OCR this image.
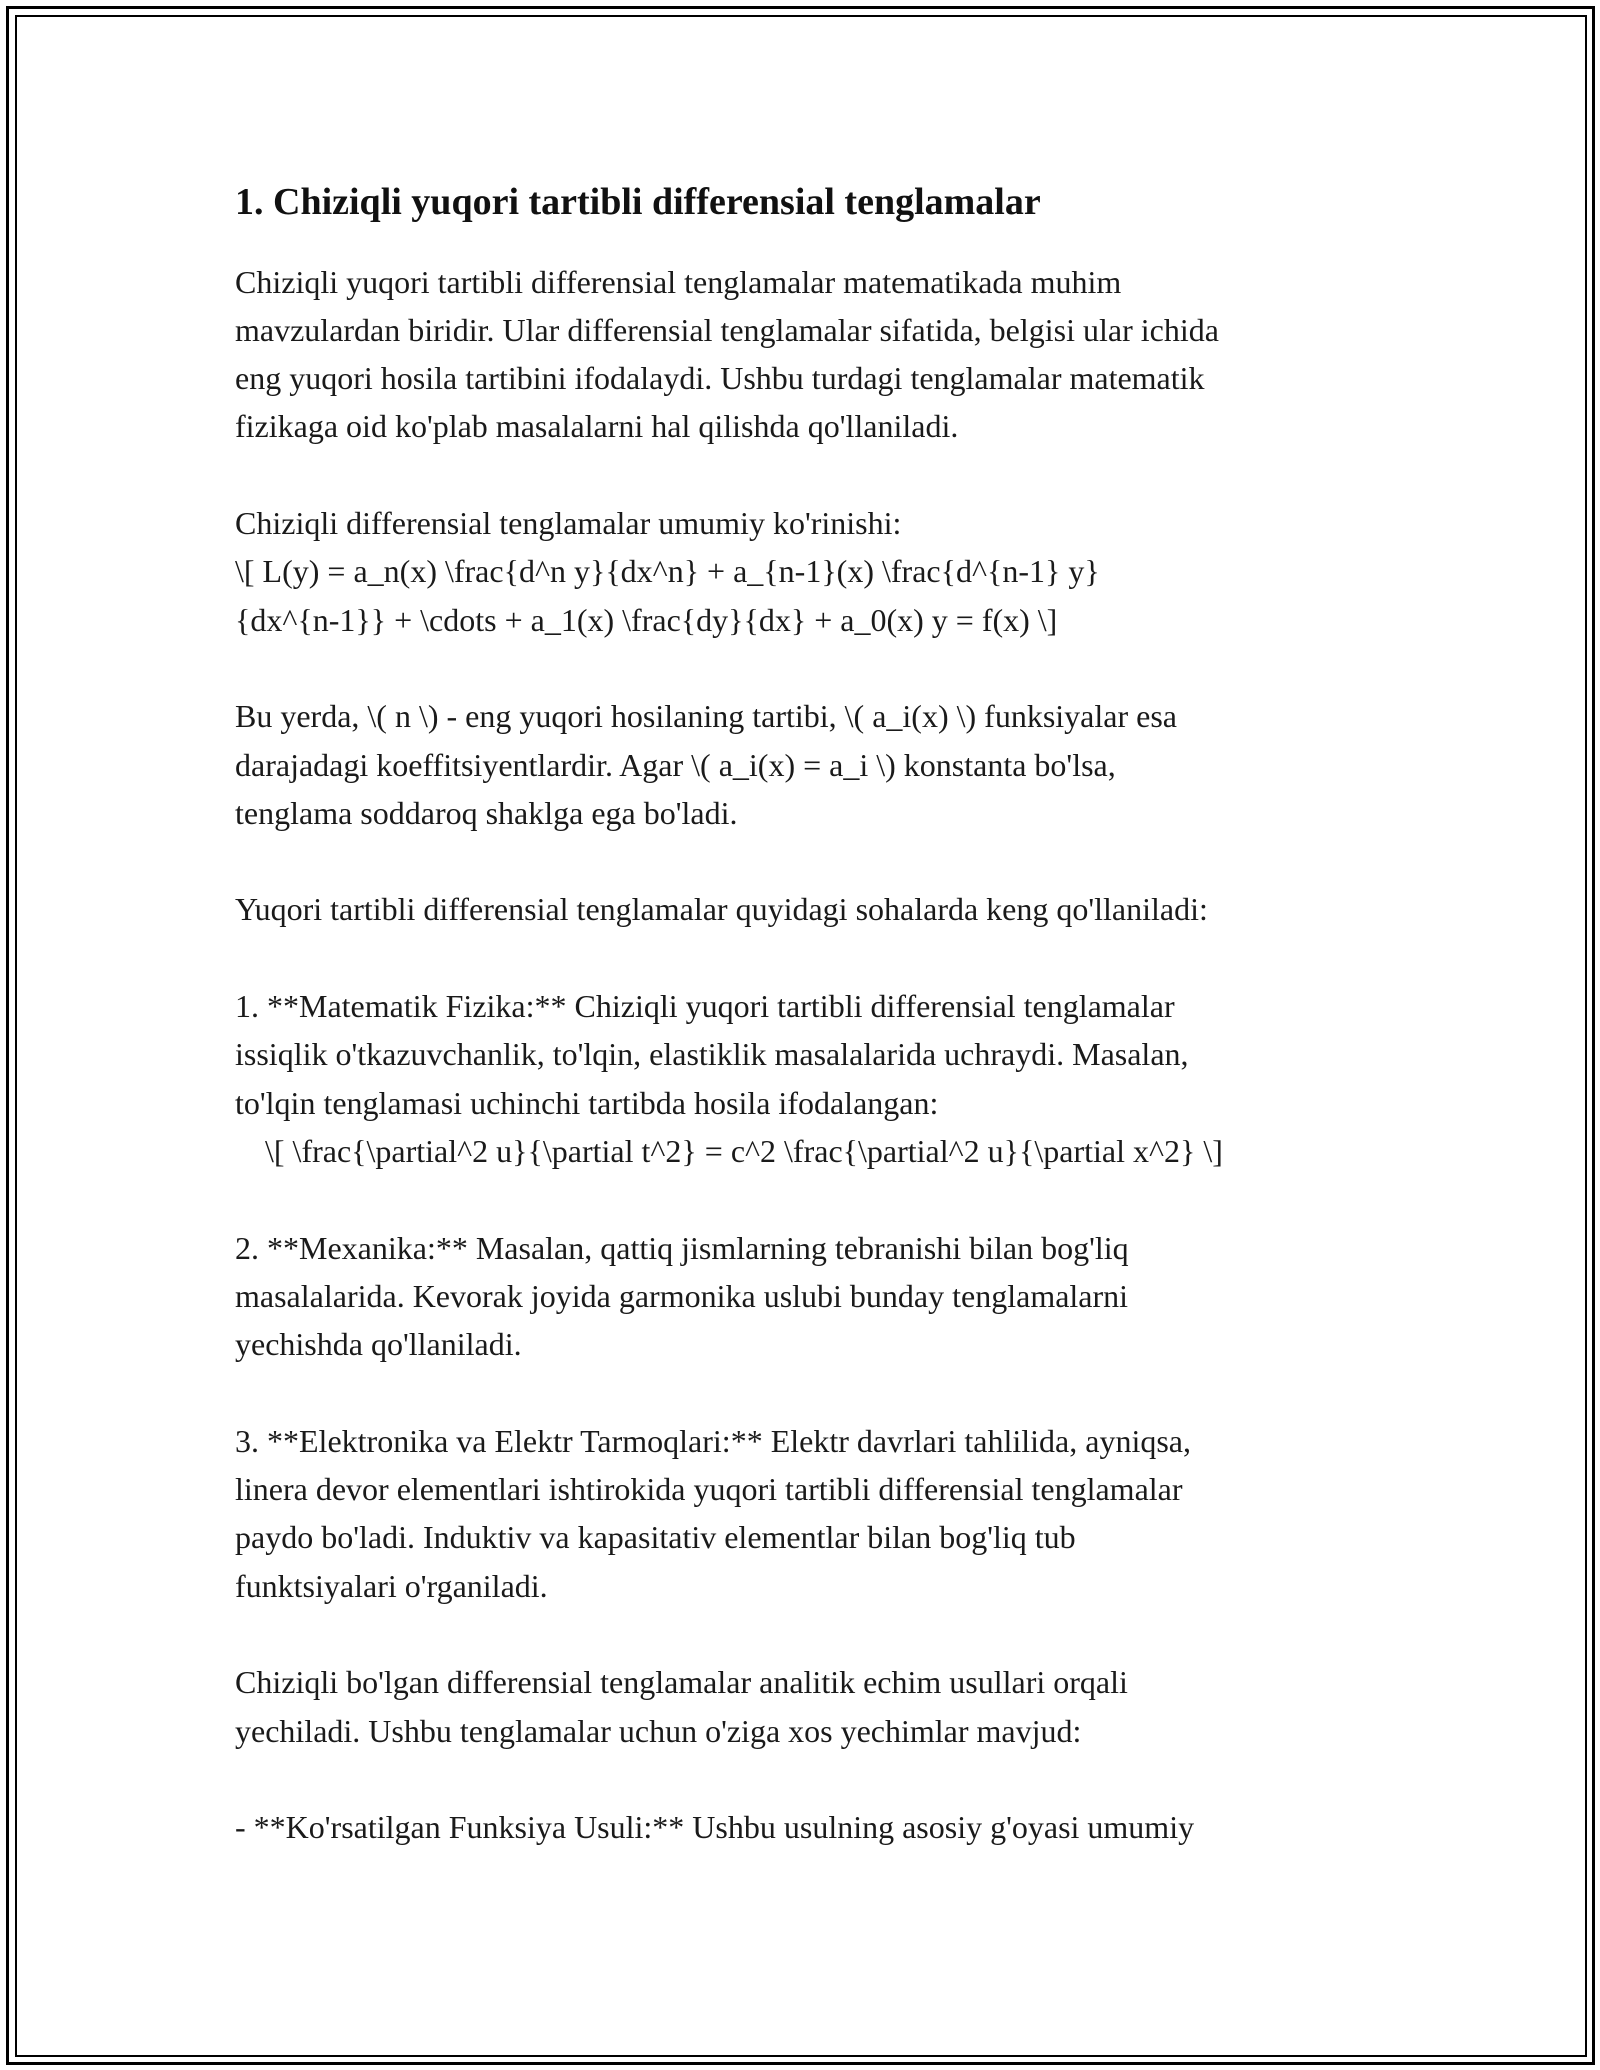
1. Chiziqli yuqori tartibli differensial tenglamalar
Chiziqli yuqori tartibli differensial tenglamalar matematikada muhim
mavzulardan biridir. Ular differensial tenglamalar sifatida, belgisi ular ichida
eng yuqori hosila tartibini ifodalaydi. Ushbu turdagi tenglamalar matematik
fizikaga oid ko'plab masalalarni hal qilishda qo'llaniladi.
Chiziqli differensial tenglamalar umumiy ko'rinishi:
\[ L(y) = a_n(x) \frac{d^n y}{dx^n} + a_{n-1}(x) \frac{d^{n-1} y}
{dx^{n-1}} + \cdots + a_1(x) \frac{dy}{dx} + a_0(x) y = f(x) \]
Bu yerda, \( n \) - eng yuqori hosilaning tartibi, \( a_i(x) \) funksiyalar esa
darajadagi koeffitsiyentlardir. Agar \( a_i(x) = a_i \) konstanta bo'lsa,
tenglama soddaroq shaklga ega bo'ladi.
Yuqori tartibli differensial tenglamalar quyidagi sohalarda keng qo'llaniladi:
1. **Matematik Fizika:** Chiziqli yuqori tartibli differensial tenglamalar
issiqlik o'tkazuvchanlik, to'lqin, elastiklik masalalarida uchraydi. Masalan,
to'lqin tenglamasi uchinchi tartibda hosila ifodalangan:
\[ \frac{\partial^2 u}{\partial t^2} = c^2 \frac{\partial^2 u}{\partial x^2} \]
2. **Mexanika:** Masalan, qattiq jismlarning tebranishi bilan bog'liq
masalalarida. Kevorak joyida garmonika uslubi bunday tenglamalarni
yechishda qo'llaniladi.
3. **Elektronika va Elektr Tarmoqlari:** Elektr davrlari tahlilida, ayniqsa,
linera devor elementlari ishtirokida yuqori tartibli differensial tenglamalar
paydo bo'ladi. Induktiv va kapasitativ elementlar bilan bog'liq tub
funktsiyalari o'rganiladi.
Chiziqli bo'lgan differensial tenglamalar analitik echim usullari orqali
yechiladi. Ushbu tenglamalar uchun o'ziga xos yechimlar mavjud:
- **Ko'rsatilgan Funksiya Usuli:** Ushbu usulning asosiy g'oyasi umumiy
